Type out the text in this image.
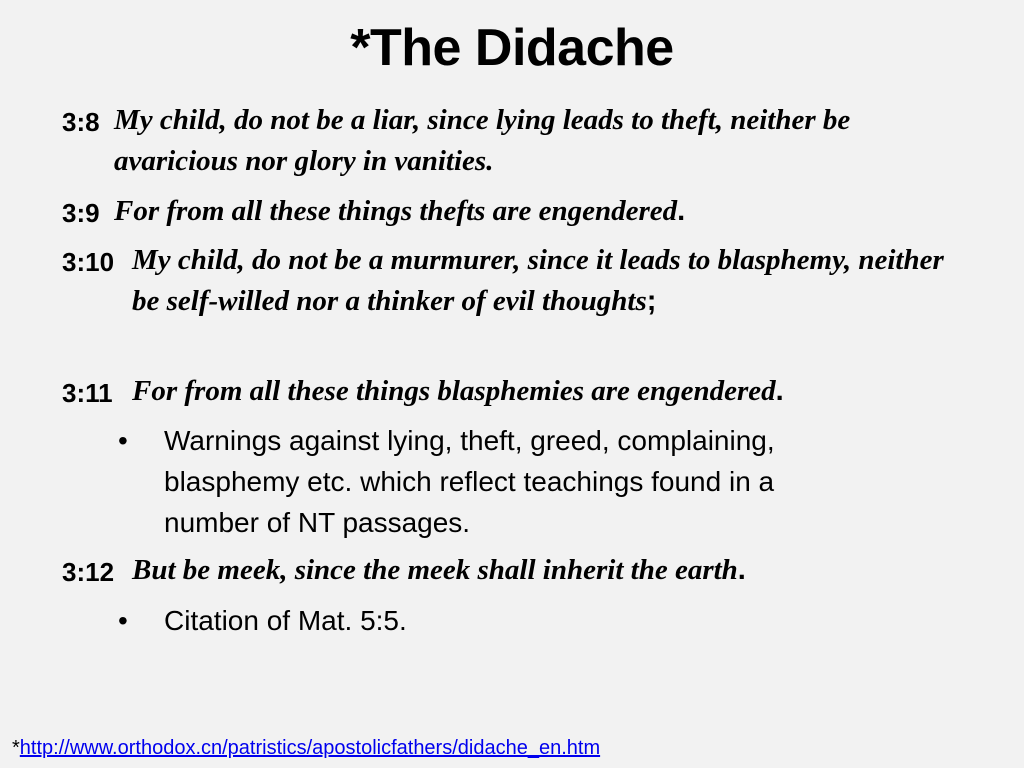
*The Didache
3:8 My child, do not be a liar, since lying leads to theft, neither be avaricious nor glory in vanities.
3:9 For from all these things thefts are engendered.
3:10 My child, do not be a murmurer, since it leads to blasphemy, neither be self-willed nor a thinker of evil thoughts;
3:11 For from all these things blasphemies are engendered.
• Warnings against lying, theft, greed, complaining, blasphemy etc. which reflect teachings found in a number of NT passages.
3:12 But be meek, since the meek shall inherit the earth.
• Citation of Mat. 5:5.
*http://www.orthodox.cn/patristics/apostolicfathers/didache_en.htm
